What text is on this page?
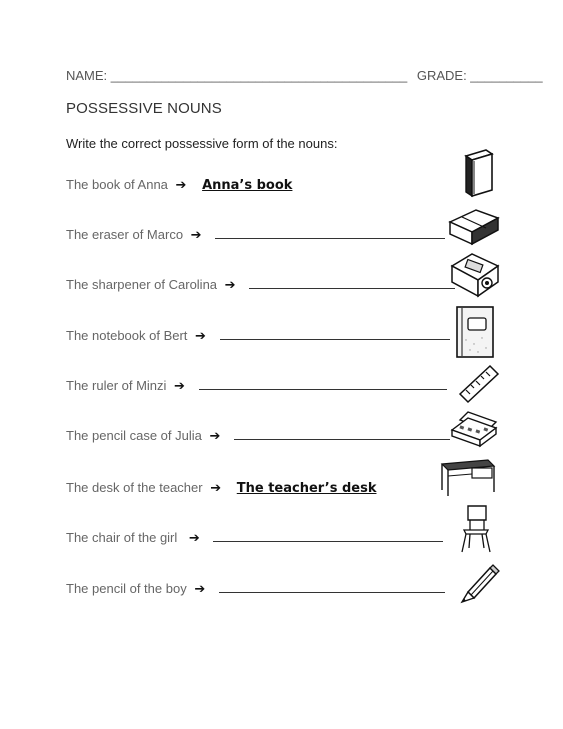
NAME: _________________________________________ GRADE: __________
POSSESSIVE NOUNS
Write the correct possessive form of the nouns:
The book of Anna ➔ Anna’s book
The eraser of Marco ➔
The sharpener of Carolina ➔
The notebook of Bert ➔
The ruler of Minzi ➔
The pencil case of Julia ➔
The desk of the teacher ➔ The teacher’s desk
The chair of the girl ➔
The pencil of the boy ➔
